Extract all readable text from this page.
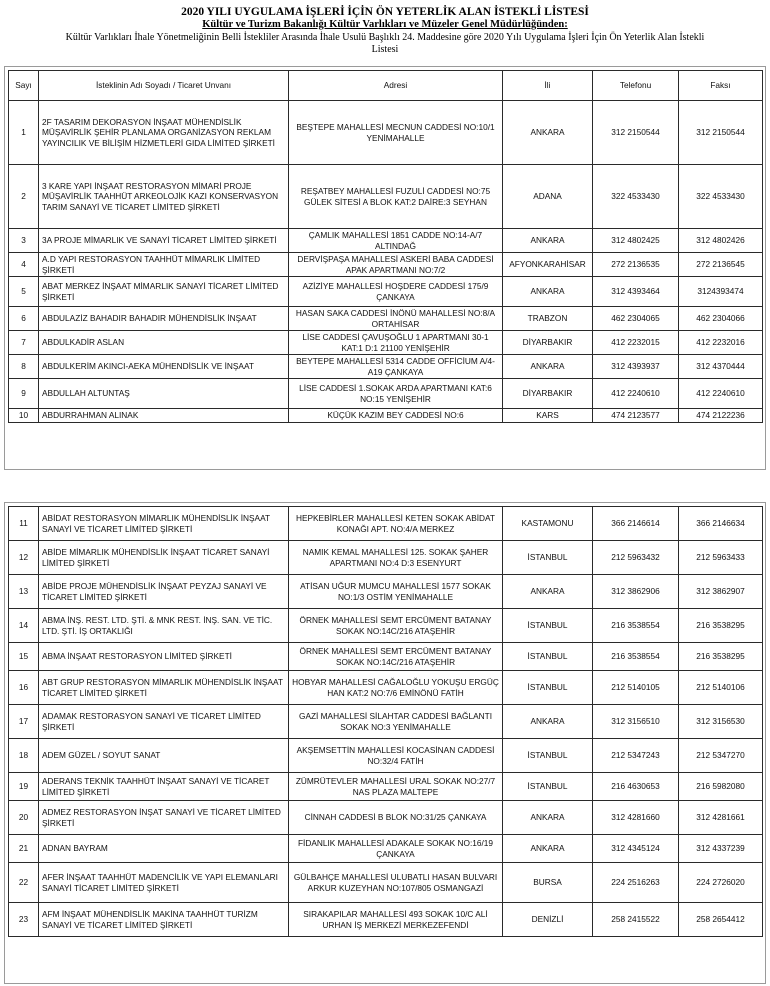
2020 YILI UYGULAMA İŞLERİ İÇİN ÖN YETERLİK ALAN İSTEKLİ LİSTESİ
Kültür ve Turizm Bakanlığı Kültür Varlıkları ve Müzeler Genel Müdürlüğünden:
Kültür Varlıkları İhale Yönetmeliğinin Belli İstekliler Arasında İhale Usulü Başlıklı 24. Maddesine göre 2020 Yılı Uygulama İşleri İçin Ön Yeterlik Alan İstekli Listesi
Sayı	İsteklinin Adı Soyadı / Ticaret Unvanı	Adresi	İli	Telefonu	Faksı
1	2F TASARIM DEKORASYON İNŞAAT MÜHENDİSLİK MÜŞAVİRLİK ŞEHİR PLANLAMA ORGANİZASYON REKLAM YAYINCILIK VE BİLİŞİM HİZMETLERİ GIDA LİMİTED ŞİRKETİ	BEŞTEPE MAHALLESİ MECNUN CADDESİ NO:10/1 YENİMAHALLE	ANKARA	312 2150544	312 2150544
2	3 KARE YAPI İNŞAAT RESTORASYON MİMARİ PROJE MÜŞAVİRLİK TAAHHÜT ARKEOLOJİK KAZI KONSERVASYON TARIM SANAYİ VE TİCARET LİMİTED ŞİRKETİ	REŞATBEY MAHALLESİ FUZULİ CADDESİ NO:75 GÜLEK SİTESİ A BLOK KAT:2 DAİRE:3 SEYHAN	ADANA	322 4533430	322 4533430
3	3A PROJE MİMARLIK VE SANAYİ TİCARET LİMİTED ŞİRKETİ	ÇAMLIK MAHALLESİ 1851 CADDE NO:14-A/7 ALTINDAĞ	ANKARA	312 4802425	312 4802426
4	A.D YAPI RESTORASYON TAAHHÜT MİMARLIK LİMİTED ŞİRKETİ	DERVİŞPAŞA MAHALLESİ ASKERİ BABA CADDESİ APAK APARTMANI NO:7/2	AFYONKARAHİSAR	272 2136535	272 2136545
5	ABAT MERKEZ İNŞAAT MİMARLIK SANAYİ TİCARET LİMİTED ŞİRKETİ	AZİZİYE MAHALLESİ HOŞDERE CADDESİ 175/9 ÇANKAYA	ANKARA	312 4393464	3124393474
6	ABDULAZİZ BAHADIR BAHADIR MÜHENDİSLİK İNŞAAT	HASAN SAKA CADDESİ İNÖNÜ MAHALLESİ NO:8/A ORTAHİSAR	TRABZON	462 2304065	462 2304066
7	ABDULKADİR ASLAN	LİSE CADDESİ ÇAVUŞOĞLU 1 APARTMANI 30-1 KAT:1 D:1 21100 YENİŞEHİR	DİYARBAKIR	412 2232015	412 2232016
8	ABDULKERİM AKINCI-AEKA MÜHENDİSLİK VE İNŞAAT	BEYTEPE MAHALLESİ 5314 CADDE OFFİCİUM A/4-A19 ÇANKAYA	ANKARA	312 4393937	312 4370444
9	ABDULLAH ALTUNTAŞ	LİSE CADDESİ 1.SOKAK ARDA APARTMANI KAT:6 NO:15 YENİŞEHİR	DİYARBAKIR	412 2240610	412 2240610
10	ABDURRAHMAN ALINAK	KÜÇÜK KAZIM BEY CADDESİ NO:6	KARS	474 2123577	474 2122236
11	ABİDAT RESTORASYON MİMARLIK MÜHENDİSLİK İNŞAAT SANAYİ VE TİCARET LİMİTED ŞİRKETİ	HEPKEBİRLER MAHALLESİ KETEN SOKAK ABİDAT KONAĞI APT. NO:4/A MERKEZ	KASTAMONU	366 2146614	366 2146634
12	ABİDE MİMARLIK MÜHENDİSLİK İNŞAAT TİCARET SANAYİ LİMİTED ŞİRKETİ	NAMIK KEMAL MAHALLESİ 125. SOKAK ŞAHER APARTMANI NO:4 D:3 ESENYURT	İSTANBUL	212 5963432	212 5963433
13	ABİDE PROJE MÜHENDİSLİK İNŞAAT PEYZAJ SANAYİ VE TİCARET LİMİTED ŞİRKETİ	ATİSAN UĞUR MUMCU MAHALLESİ 1577 SOKAK NO:1/3 OSTİM YENİMAHALLE	ANKARA	312 3862906	312 3862907
14	ABMA İNŞ. REST. LTD. ŞTİ. & MNK REST. İNŞ. SAN. VE TİC. LTD. ŞTİ. İŞ ORTAKLIĞI	ÖRNEK MAHALLESİ SEMT ERCÜMENT BATANAY SOKAK NO:14C/216 ATAŞEHİR	İSTANBUL	216 3538554	216 3538295
15	ABMA İNŞAAT RESTORASYON LİMİTED ŞİRKETİ	ÖRNEK MAHALLESİ SEMT ERCÜMENT BATANAY SOKAK NO:14C/216 ATAŞEHİR	İSTANBUL	216 3538554	216 3538295
16	ABT GRUP RESTORASYON MİMARLIK MÜHENDİSLİK İNŞAAT TİCARET LİMİTED ŞİRKETİ	HOBYAR MAHALLESİ CAĞALOĞLU YOKUŞU ERGÜÇ HAN KAT:2 NO:7/6 EMİNÖNÜ FATİH	İSTANBUL	212 5140105	212 5140106
17	ADAMAK RESTORASYON SANAYİ VE TİCARET LİMİTED ŞİRKETİ	GAZİ MAHALLESİ SİLAHTAR CADDESİ BAĞLANTI SOKAK NO:3 YENİMAHALLE	ANKARA	312 3156510	312 3156530
18	ADEM GÜZEL / SOYUT SANAT	AKŞEMSETTİN MAHALLESİ KOCASİNAN CADDESİ NO:32/4 FATİH	İSTANBUL	212 5347243	212 5347270
19	ADERANS TEKNİK TAAHHÜT İNŞAAT SANAYİ VE TİCARET LİMİTED ŞİRKETİ	ZÜMRÜTEVLER MAHALLESİ URAL SOKAK NO:27/7 NAS PLAZA MALTEPE	İSTANBUL	216 4630653	216 5982080
20	ADMEZ RESTORASYON İNŞAT SANAYİ VE TİCARET LİMİTED ŞİRKETİ	CİNNAH CADDESİ B BLOK NO:31/25 ÇANKAYA	ANKARA	312 4281660	312 4281661
21	ADNAN BAYRAM	FİDANLIK MAHALLESİ ADAKALE SOKAK NO:16/19 ÇANKAYA	ANKARA	312 4345124	312 4337239
22	AFER İNŞAAT TAAHHÜT MADENCİLİK VE YAPI ELEMANLARI SANAYİ TİCARET LİMİTED ŞİRKETİ	GÜLBAHÇE MAHALLESİ ULUBATLI HASAN BULVARI ARKUR KUZEYHAN NO:107/805 OSMANGAZİ	BURSA	224 2516263	224 2726020
23	AFM İNŞAAT MÜHENDİSLİK MAKİNA TAAHHÜT TURİZM SANAYİ VE TİCARET LİMİTED ŞİRKETİ	SIRAKAPILAR MAHALLESİ 493 SOKAK 10/C ALİ URHAN İŞ MERKEZİ MERKEZEFENDİ	DENİZLİ	258 2415522	258 2654412
